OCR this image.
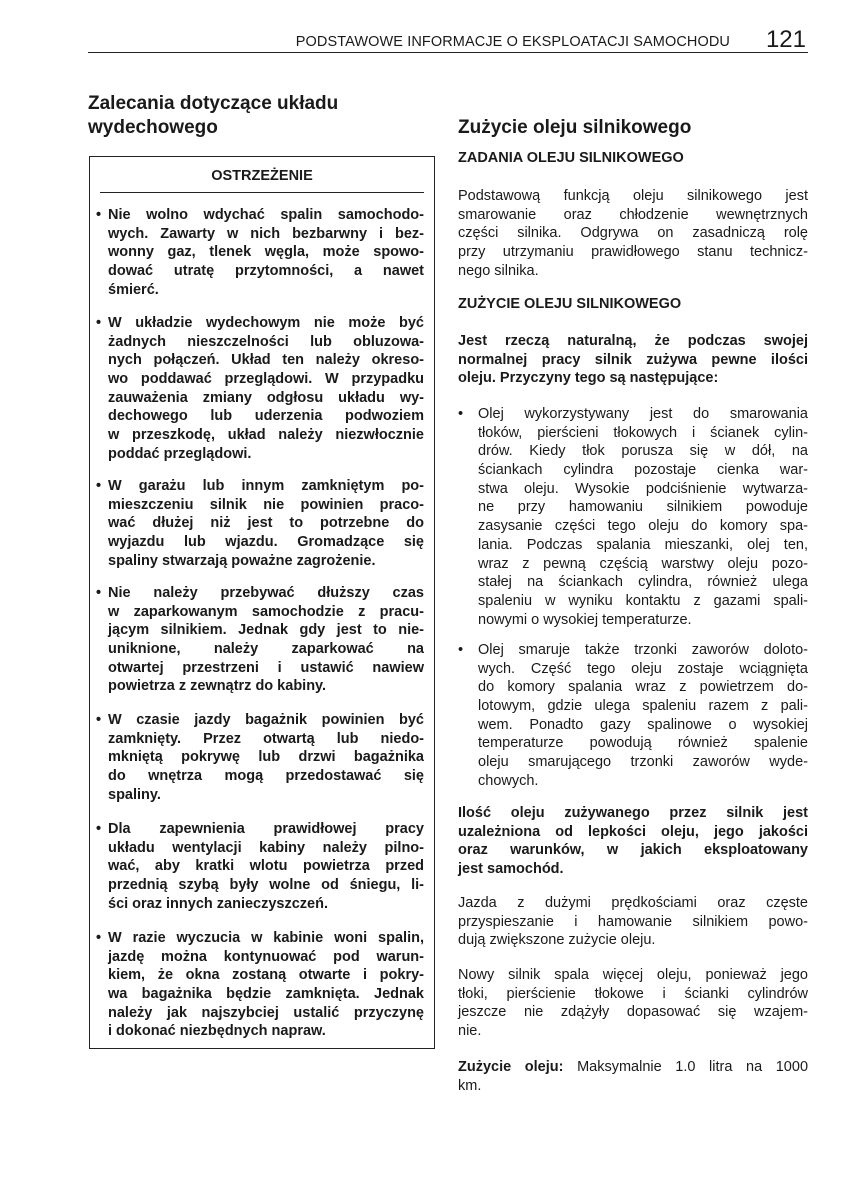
PODSTAWOWE INFORMACJE O EKSPLOATACJI SAMOCHODU 121
Zalecania dotyczące układu
wydechowego
OSTRZEŻENIE
• Nie wolno wdychać spalin samochodo-
wych. Zawarty w nich bezbarwny i bez-
wonny gaz, tlenek węgla, może spowo-
dować utratę przytomności, a nawet
śmierć.
• W układzie wydechowym nie może być
żadnych nieszczelności lub obluzowa-
nych połączeń. Układ ten należy okreso-
wo poddawać przeglądowi. W przypadku
zauważenia zmiany odgłosu układu wy-
dechowego lub uderzenia podwoziem
w przeszkodę, układ należy niezwłocznie
poddać przeglądowi.
• W garażu lub innym zamkniętym po-
mieszczeniu silnik nie powinien praco-
wać dłużej niż jest to potrzebne do
wyjazdu lub wjazdu. Gromadzące się
spaliny stwarzają poważne zagrożenie.
• Nie należy przebywać dłuższy czas
w zaparkowanym samochodzie z pracu-
jącym silnikiem. Jednak gdy jest to nie-
uniknione, należy zaparkować na
otwartej przestrzeni i ustawić nawiew
powietrza z zewnątrz do kabiny.
• W czasie jazdy bagażnik powinien być
zamknięty. Przez otwartą lub niedo-
mkniętą pokrywę lub drzwi bagażnika
do wnętrza mogą przedostawać się
spaliny.
• Dla zapewnienia prawidłowej pracy
układu wentylacji kabiny należy pilno-
wać, aby kratki wlotu powietrza przed
przednią szybą były wolne od śniegu, li-
ści oraz innych zanieczyszczeń.
• W razie wyczucia w kabinie woni spalin,
jazdę można kontynuować pod warun-
kiem, że okna zostaną otwarte i pokry-
wa bagażnika będzie zamknięta. Jednak
należy jak najszybciej ustalić przyczynę
i dokonać niezbędnych napraw.
Zużycie oleju silnikowego
ZADANIA OLEJU SILNIKOWEGO
Podstawową funkcją oleju silnikowego jest
smarowanie oraz chłodzenie wewnętrznych
części silnika. Odgrywa on zasadniczą rolę
przy utrzymaniu prawidłowego stanu technicz-
nego silnika.
ZUŻYCIE OLEJU SILNIKOWEGO
Jest rzeczą naturalną, że podczas swojej
normalnej pracy silnik zużywa pewne ilości
oleju. Przyczyny tego są następujące:
• Olej wykorzystywany jest do smarowania
tłoków, pierścieni tłokowych i ścianek cylin-
drów. Kiedy tłok porusza się w dół, na
ściankach cylindra pozostaje cienka war-
stwa oleju. Wysokie podciśnienie wytwarza-
ne przy hamowaniu silnikiem powoduje
zasysanie części tego oleju do komory spa-
lania. Podczas spalania mieszanki, olej ten,
wraz z pewną częścią warstwy oleju pozo-
stałej na ściankach cylindra, również ulega
spaleniu w wyniku kontaktu z gazami spali-
nowymi o wysokiej temperaturze.
• Olej smaruje także trzonki zaworów dolоto-
wych. Część tego oleju zostaje wciągnięta
do komory spalania wraz z powietrzem do-
lotowym, gdzie ulega spaleniu razem z pali-
wem. Ponadto gazy spalinowe o wysokiej
temperaturze powodują również spalenie
oleju smarującego trzonki zaworów wyde-
chowych.
Ilość oleju zużywanego przez silnik jest
uzależniona od lepkości oleju, jego jakości
oraz warunków, w jakich eksploatowany
jest samochód.
Jazda z dużymi prędkościami oraz częste
przyspieszanie i hamowanie silnikiem powo-
dują zwiększone zużycie oleju.
Nowy silnik spala więcej oleju, ponieważ jego
tłoki, pierścienie tłokowe i ścianki cylindrów
jeszcze nie zdążyły dopasować się wzajem-
nie.
Zużycie oleju: Maksymalnie 1.0 litra na 1000
km.
